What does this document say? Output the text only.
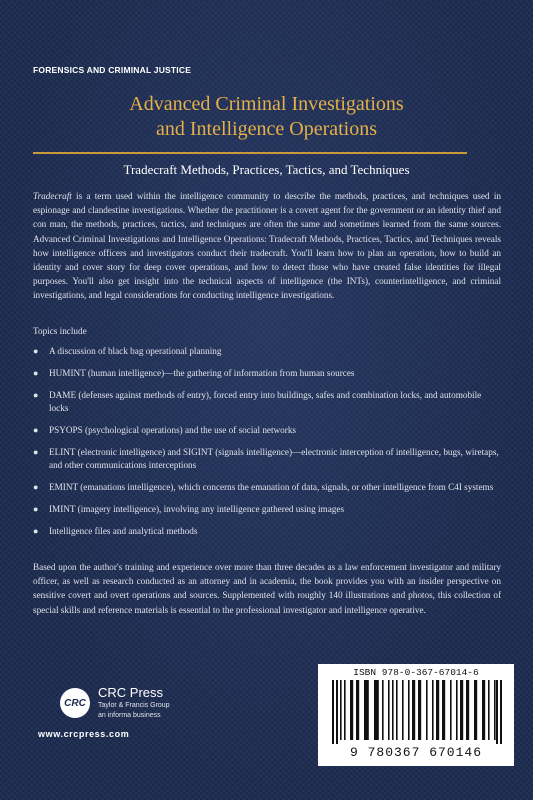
FORENSICS AND CRIMINAL JUSTICE
Advanced Criminal Investigations
and Intelligence Operations
Tradecraft Methods, Practices, Tactics, and Techniques

Tradecraft is a term used within the intelligence community to describe the methods, practices, and techniques used in espionage and clandestine investigations. Whether the practitioner is a covert agent for the government or an identity thief and con man, the methods, practices, tactics, and techniques are often the same and sometimes learned from the same sources. Advanced Criminal Investigations and Intelligence Operations: Tradecraft Methods, Practices, Tactics, and Techniques reveals how intelligence officers and investigators conduct their tradecraft. You'll learn how to plan an operation, how to build an identity and cover story for deep cover operations, and how to detect those who have created false identities for illegal purposes. You'll also get insight into the technical aspects of intelligence (the INTs), counterintelligence, and criminal investigations, and legal considerations for conducting intelligence investigations.

Topics include

● A discussion of black bag operational planning
● HUMINT (human intelligence)—the gathering of information from human sources
● DAME (defenses against methods of entry), forced entry into buildings, safes and combination locks, and automobile locks
● PSYOPS (psychological operations) and the use of social networks
● ELINT (electronic intelligence) and SIGINT (signals intelligence)—electronic interception of intelligence, bugs, wiretaps, and other communications interceptions
● EMINT (emanations intelligence), which concerns the emanation of data, signals, or other intelligence from C4I systems
● IMINT (imagery intelligence), involving any intelligence gathered using images
● Intelligence files and analytical methods

Based upon the author's training and experience over more than three decades as a law enforcement investigator and military officer, as well as research conducted as an attorney and in academia, the book provides you with an insider perspective on sensitive covert and overt operations and sources. Supplemented with roughly 140 illustrations and photos, this collection of special skills and reference materials is essential to the professional investigator and intelligence operative.

CRC
CRC Press
Taylor & Francis Group
an informa business
www.crcpress.com
ISBN 978-0-367-67014-6
9 780367 670146
